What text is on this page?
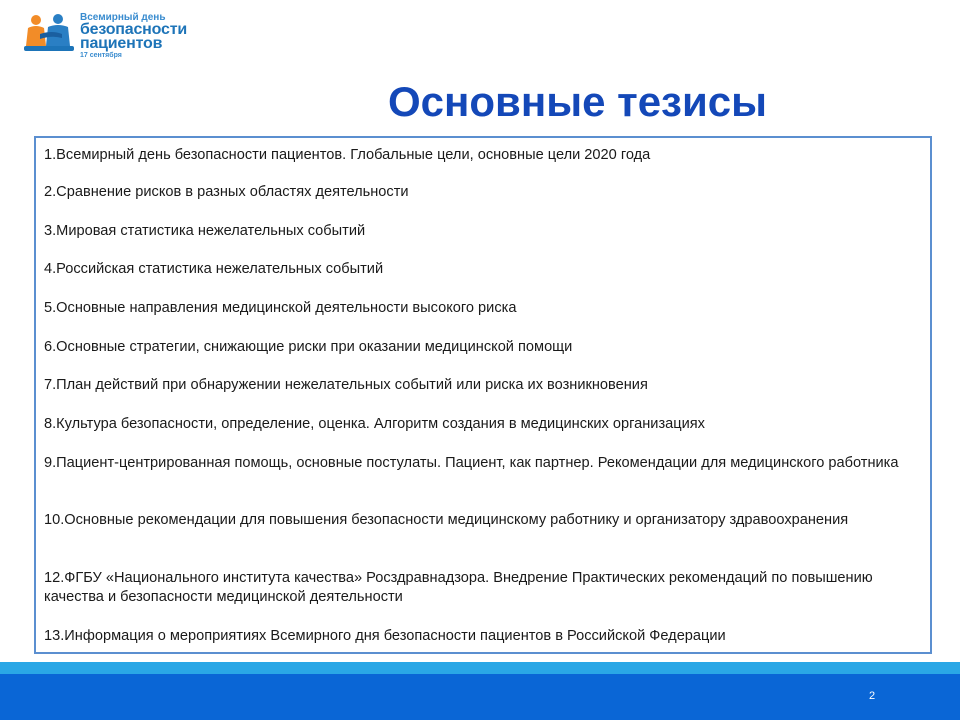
Всемирный день
безопасности
пациентов
17 сентября
Основные тезисы
1.Всемирный день безопасности пациентов. Глобальные цели, основные цели 2020 года
2.Сравнение рисков в разных областях деятельности
3.Мировая статистика нежелательных событий
4.Российская статистика нежелательных событий
5.Основные направления медицинской деятельности высокого риска
6.Основные стратегии, снижающие риски при оказании медицинской помощи
7.План действий при обнаружении нежелательных событий или риска их возникновения
8.Культура безопасности, определение, оценка. Алгоритм создания в медицинских организациях
9.Пациент-центрированная помощь, основные постулаты. Пациент, как партнер. Рекомендации для медицинского работника
10.Основные рекомендации для повышения безопасности медицинскому работнику и организатору здравоохранения
12.ФГБУ «Национального института качества» Росздравнадзора. Внедрение Практических рекомендаций по повышению качества и безопасности медицинской деятельности
13.Информация о мероприятиях Всемирного дня безопасности пациентов в Российской Федерации
2
